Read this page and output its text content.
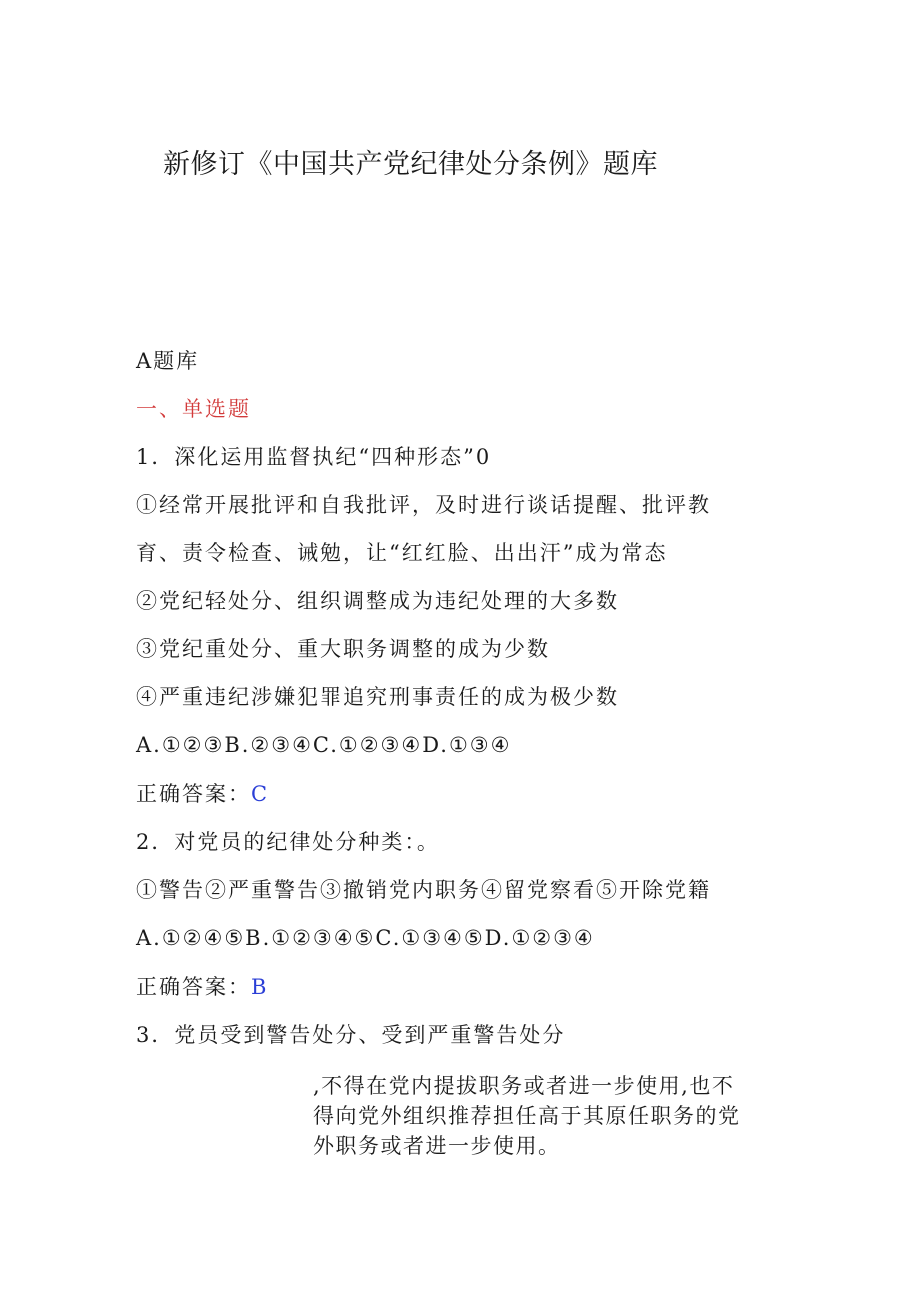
新修订《中国共产党纪律处分条例》题库
A题库
一、单选题
1．深化运用监督执纪“四种形态”0
①经常开展批评和自我批评，及时进行谈话提醒、批评教
育、责令检查、诫勉，让“红红脸、出出汗”成为常态
②党纪轻处分、组织调整成为违纪处理的大多数
③党纪重处分、重大职务调整的成为少数
④严重违纪涉嫌犯罪追究刑事责任的成为极少数
A.①②③B.②③④C.①②③④D.①③④
正确答案：C
2．对党员的纪律处分种类：。
①警告②严重警告③撤销党内职务④留党察看⑤开除党籍
A.①②④⑤B.①②③④⑤C.①③④⑤D.①②③④
正确答案：B
3．党员受到警告处分、受到严重警告处分
,不得在党内提拔职务或者进一步使用,也不
得向党外组织推荐担任高于其原任职务的党
外职务或者进一步使用。
